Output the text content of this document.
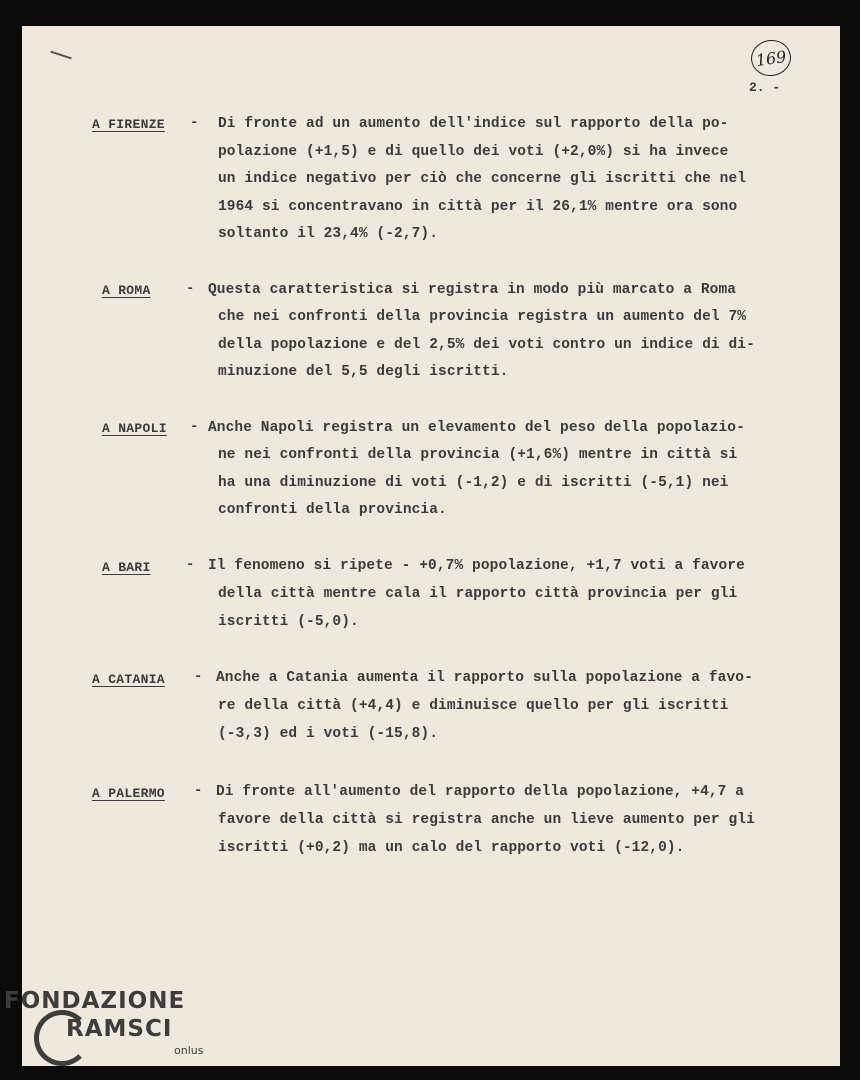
169
2. -
A FIRENZE - Di fronte ad un aumento dell'indice sul rapporto della po-
polazione (+1,5) e di quello dei voti (+2,0%) si ha invece
un indice negativo per ciò che concerne gli iscritti che nel
1964 si concentravano in città per il 26,1% mentre ora sono
soltanto il 23,4% (-2,7).
A ROMA	- Questa caratteristica si registra in modo più marcato a Roma
che nei confronti della provincia registra un aumento del 7%
della popolazione e del 2,5% dei voti contro un indice di di-
minuzione del 5,5 degli iscritti.
A NAPOLI - Anche Napoli registra un elevamento del peso della popolazio-
ne nei confronti della provincia (+1,6%) mentre in città si
ha una diminuzione di voti (-1,2) e di iscritti (-5,1) nei
confronti della provincia.
A BARI	- Il fenomeno si ripete - +0,7% popolazione, +1,7 voti a favore
della città mentre cala il rapporto città provincia per gli
iscritti (-5,0).
A CATANIA - Anche a Catania aumenta il rapporto sulla popolazione a favo-
re della città (+4,4) e diminuisce quello per gli iscritti
(-3,3) ed i voti (-15,8).
A PALERMO - Di fronte all'aumento del rapporto della popolazione, +4,7 a
favore della città si registra anche un lieve aumento per gli
iscritti (+0,2) ma un calo del rapporto voti (-12,0).
FONDAZIONE
RAMSCI
onlus
